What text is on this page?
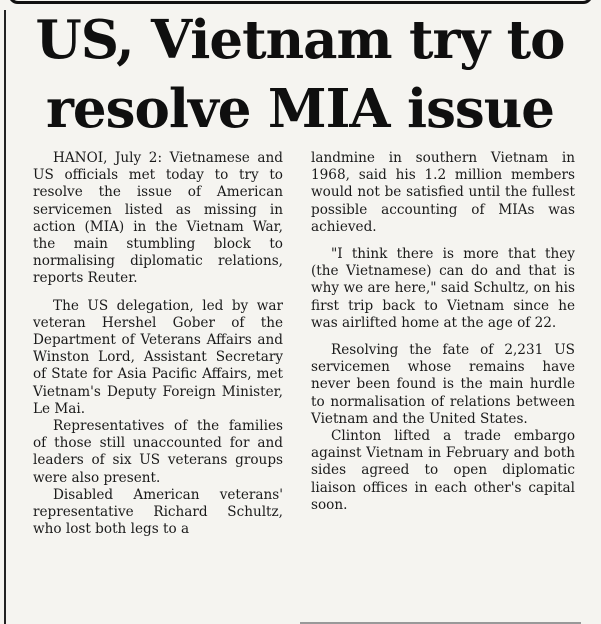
US, Vietnam try to
resolve MIA issue

HANOI, July 2: Vietnamese and US officials met today to try to resolve the issue of American servicemen listed as missing in action (MIA) in the Vietnam War, the main stumbling block to normalising diplomatic relations, reports Reuter.

The US delegation, led by war veteran Hershel Gober of the Department of Veterans Affairs and Winston Lord, Assistant Secretary of State for Asia Pacific Affairs, met Vietnam's Deputy Foreign Minister, Le Mai.

Representatives of the families of those still unaccounted for and leaders of six US veterans groups were also present.

Disabled American veterans' representative Richard Schultz, who lost both legs to a

landmine in southern Vietnam in 1968, said his 1.2 million members would not be satisfied until the fullest possible accounting of MIAs was achieved.

"I think there is more that they (the Vietnamese) can do and that is why we are here," said Schultz, on his first trip back to Vietnam since he was airlifted home at the age of 22.

Resolving the fate of 2,231 US servicemen whose remains have never been found is the main hurdle to normalisation of relations between Vietnam and the United States.

Clinton lifted a trade embargo against Vietnam in February and both sides agreed to open diplomatic liaison offices in each other's capital soon.
